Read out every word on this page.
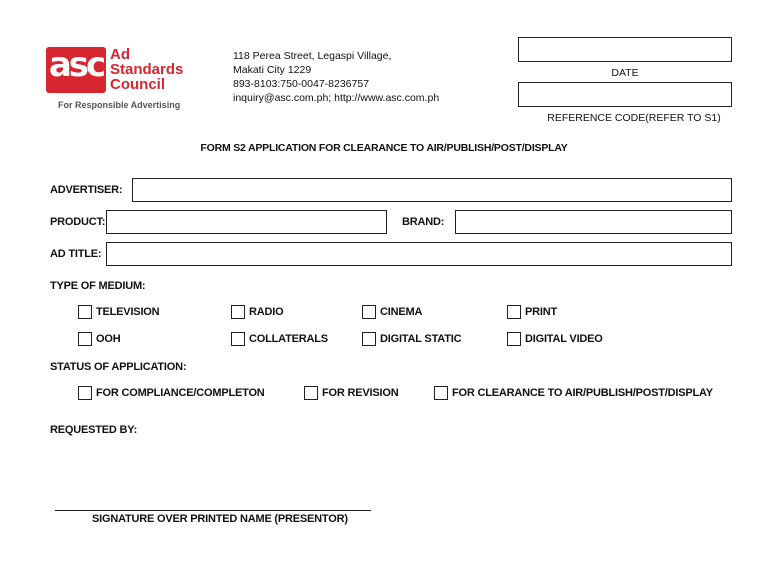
asc Ad
Standards
Council
For Responsible Advertising
118 Perea Street, Legaspi Village,
Makati City 1229
893-8103:750-0047-8236757
inquiry@asc.com.ph; http://www.asc.com.ph
DATE
REFERENCE CODE(REFER TO S1)
FORM S2 APPLICATION FOR CLEARANCE TO AIR/PUBLISH/POST/DISPLAY
ADVERTISER:
PRODUCT:	BRAND:
AD TITLE:
TYPE OF MEDIUM:
TELEVISION	RADIO	CINEMA	PRINT
OOH	COLLATERALS	DIGITAL STATIC	DIGITAL VIDEO
STATUS OF APPLICATION:
FOR COMPLIANCE/COMPLETON	FOR REVISION	FOR CLEARANCE TO AIR/PUBLISH/POST/DISPLAY
REQUESTED BY:
SIGNATURE OVER PRINTED NAME (PRESENTOR)
